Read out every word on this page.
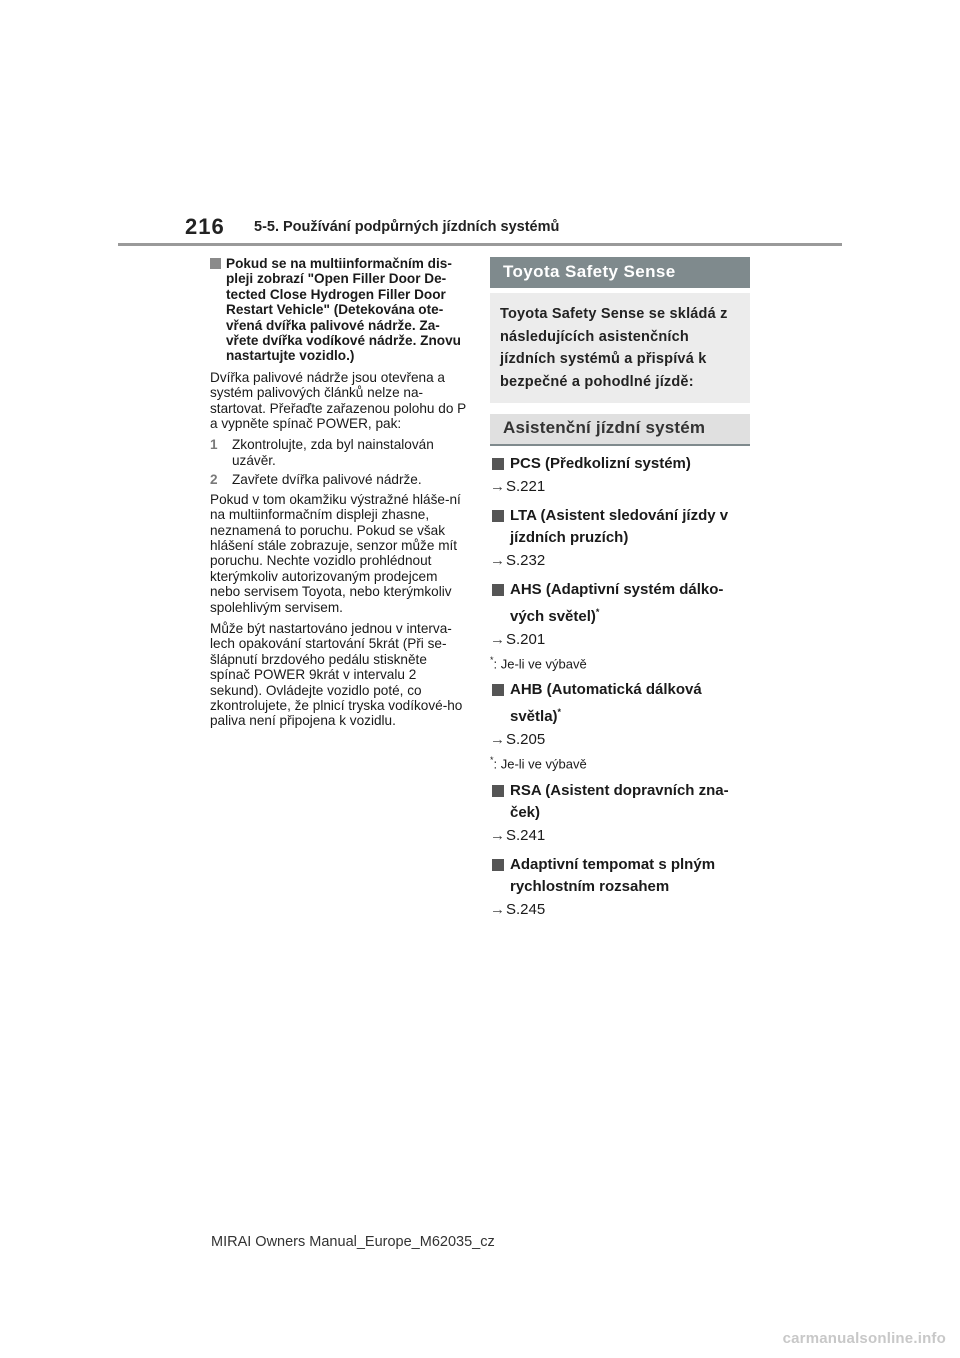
216 5-5. Používání podpůrných jízdních systémů
Pokud se na multiinformačním dis-pleji zobrazí "Open Filler Door De-tected Close Hydrogen Filler Door Restart Vehicle" (Detekována ote-vřená dvířka palivové nádrže. Za-vřete dvířka vodíkové nádrže. Znovu nastartujte vozidlo.)

Dvířka palivové nádrže jsou otevřena a systém palivových článků nelze na-startovat. Přeřaďte zařazenou polohu do P a vypněte spínač POWER, pak:

1 Zkontrolujte, zda byl nainstalován uzávěr.
2 Zavřete dvířka palivové nádrže.

Pokud v tom okamžiku výstražné hláše-ní na multiinformačním displeji zhasne, neznamená to poruchu. Pokud se však hlášení stále zobrazuje, senzor může mít poruchu. Nechte vozidlo prohlédnout kterýmkoliv autorizovaným prodejcem nebo servisem Toyota, nebo kterýmkoliv spolehlivým servisem.

Může být nastartováno jednou v interva-lech opakování startování 5krát (Při se-šlápnutí brzdového pedálu stiskněte spínač POWER 9krát v intervalu 2 sekund). Ovládejte vozidlo poté, co zkontrolujete, že plnicí tryska vodíkové-ho paliva není připojena k vozidlu.

Toyota Safety Sense
Toyota Safety Sense se skládá z následujících asistenčních jízdních systémů a přispívá k bezpečné a pohodlné jízdě:
Asistenční jízdní systém
PCS (Předkolizní systém)

→S.221

LTA (Asistent sledování jízdy v jízdních pruzích)

→S.232

AHS (Adaptivní systém dálko-vých světel)*

→S.201

*: Je-li ve výbavě
AHB (Automatická dálková světla)*

→S.205

*: Je-li ve výbavě
RSA (Asistent dopravních zna-ček)

→S.241

Adaptivní tempomat s plným rychlostním rozsahem

→S.245

MIRAI Owners Manual_Europe_M62035_cz
carmanualsonline.info
